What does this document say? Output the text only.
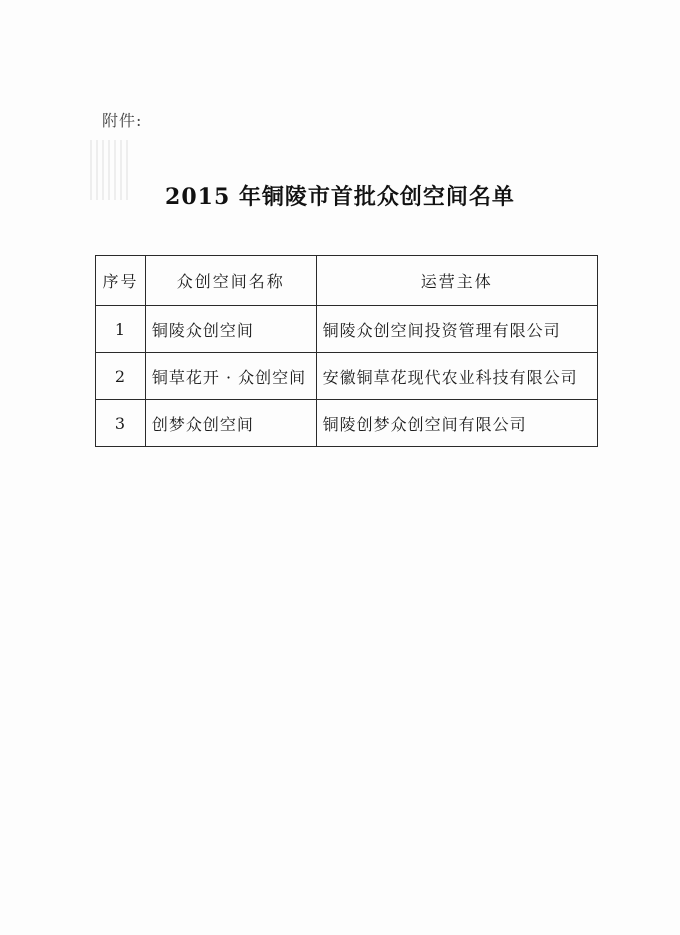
附件:
2015 年铜陵市首批众创空间名单
序号	众创空间名称	运营主体
1	铜陵众创空间	铜陵众创空间投资管理有限公司
2	铜草花开 · 众创空间	安徽铜草花现代农业科技有限公司
3	创梦众创空间	铜陵创梦众创空间有限公司
